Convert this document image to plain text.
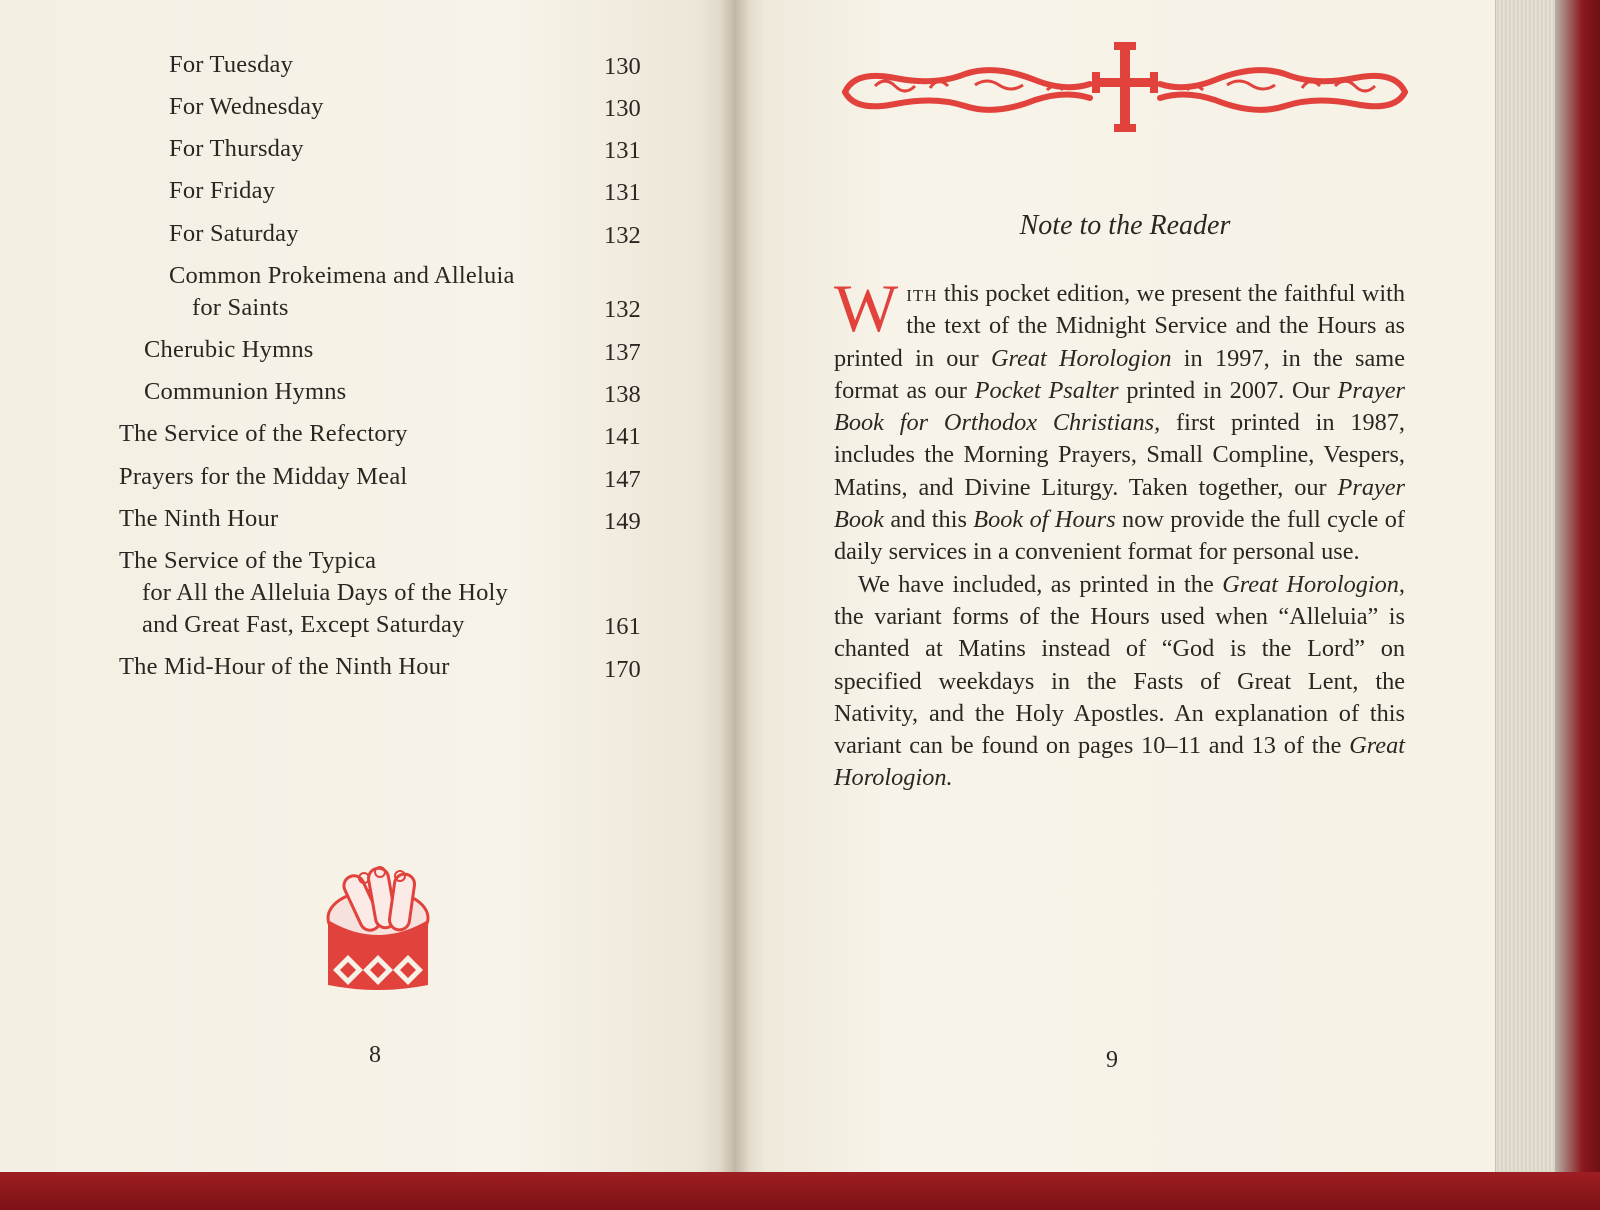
For Tuesday	130
For Wednesday	130
For Thursday	131
For Friday	131
For Saturday	132
Common Prokeimena and Alleluia
for Saints	132
Cherubic Hymns	137
Communion Hymns	138
The Service of the Refectory	141
Prayers for the Midday Meal	147
The Ninth Hour	149
The Service of the Typica
for All the Alleluia Days of the Holy
and Great Fast, Except Saturday	161
The Mid-Hour of the Ninth Hour	170
8
Note to the Reader

With this pocket edition, we present the faithful with the text of the Midnight Service and the Hours as printed in our Great Horologion in 1997, in the same format as our Pocket Psalter printed in 2007. Our Prayer Book for Orthodox Christians, first printed in 1987, includes the Morning Prayers, Small Compline, Vespers, Matins, and Divine Liturgy. Taken together, our Prayer Book and this Book of Hours now provide the full cycle of daily services in a convenient format for personal use.

We have included, as printed in the Great Horologion, the variant forms of the Hours used when “Alleluia” is chanted at Matins instead of “God is the Lord” on specified weekdays in the Fasts of Great Lent, the Nativity, and the Holy Apostles. An explanation of this variant can be found on pages 10–11 and 13 of the Great Horologion.

9
